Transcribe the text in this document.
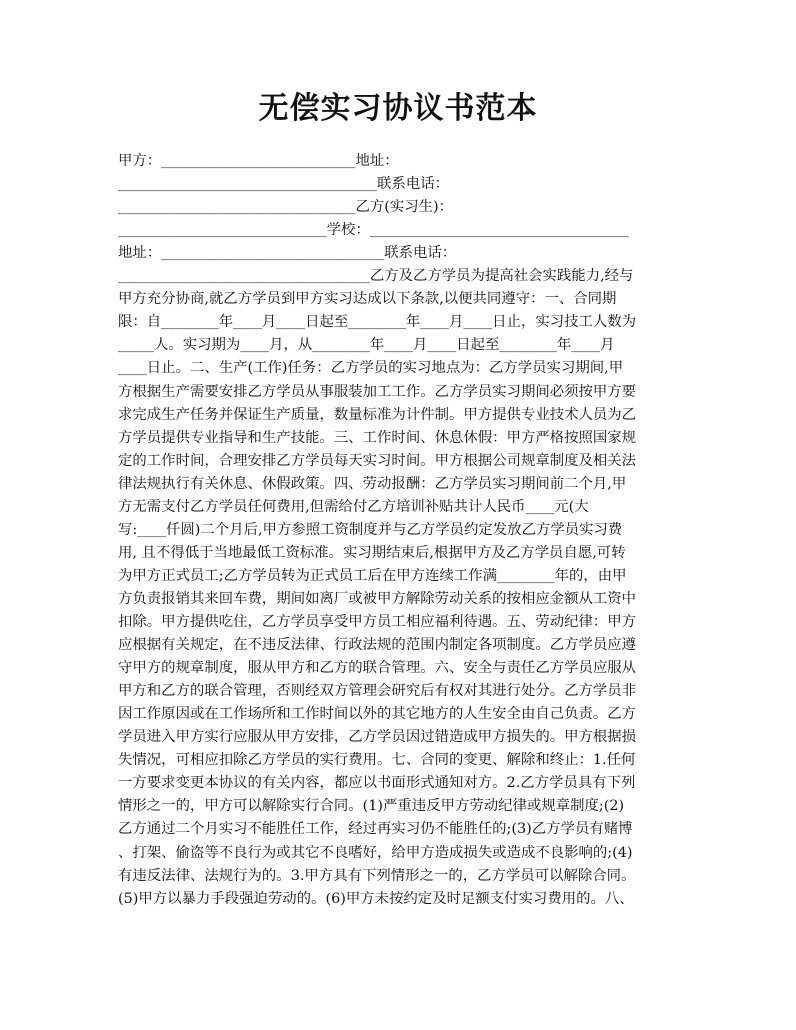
无偿实习协议书范本

甲方：___________________________地址：

____________________________________联系电话：

_________________________________乙方(实习生)：

_____________________________学校：____________________________________

地址：_______________________________联系电话：

___________________________________乙方及乙方学员为提高社会实践能力,经与

甲方充分协商,就乙方学员到甲方实习达成以下条款,以便共同遵守：一、合同期

限：自________年____月____日起至________年____月____日止，实习技工人数为

_____人。实习期为____月，从________年____月____日起至________年____月

____日止。二、生产(工作)任务：乙方学员的实习地点为：乙方学员实习期间,甲

方根据生产需要安排乙方学员从事服装加工工作。乙方学员实习期间必须按甲方要

求完成生产任务并保证生产质量，数量标准为计件制。甲方提供专业技术人员为乙

方学员提供专业指导和生产技能。三、工作时间、休息休假：甲方严格按照国家规

定的工作时间，合理安排乙方学员每天实习时间。甲方根据公司规章制度及相关法

律法规执行有关休息、休假政策。四、劳动报酬：乙方学员实习期间前二个月,甲

方无需支付乙方学员任何费用,但需给付乙方培训补贴共计人民币____元(大

写:____仟圆)二个月后,甲方参照工资制度并与乙方学员约定发放乙方学员实习费

用, 且不得低于当地最低工资标准。实习期结束后,根据甲方及乙方学员自愿,可转

为甲方正式员工;乙方学员转为正式员工后在甲方连续工作满________年的，由甲

方负责报销其来回车费，期间如离厂或被甲方解除劳动关系的按相应金额从工资中

扣除。甲方提供吃住，乙方学员享受甲方员工相应福利待遇。五、劳动纪律：甲方

应根据有关规定，在不违反法律、行政法规的范围内制定各项制度。乙方学员应遵

守甲方的规章制度，服从甲方和乙方的联合管理。六、安全与责任乙方学员应服从

甲方和乙方的联合管理，否则经双方管理会研究后有权对其进行处分。乙方学员非

因工作原因或在工作场所和工作时间以外的其它地方的人生安全由自己负责。乙方

学员进入甲方实行应服从甲方安排，乙方学员因过错造成甲方损失的。甲方根据损

失情况，可相应扣除乙方学员的实行费用。七、合同的变更、解除和终止：1.任何

一方要求变更本协议的有关内容，都应以书面形式通知对方。2.乙方学员具有下列

情形之一的，甲方可以解除实行合同。(1)严重违反甲方劳动纪律或规章制度;(2)

乙方通过二个月实习不能胜任工作，经过再实习仍不能胜任的;(3)乙方学员有赌博

、打架、偷盗等不良行为或其它不良嗜好，给甲方造成损失或造成不良影响的;(4)

有违反法律、法规行为的。3.甲方具有下列情形之一的，乙方学员可以解除合同。

(5)甲方以暴力手段强迫劳动的。(6)甲方未按约定及时足额支付实习费用的。八、
